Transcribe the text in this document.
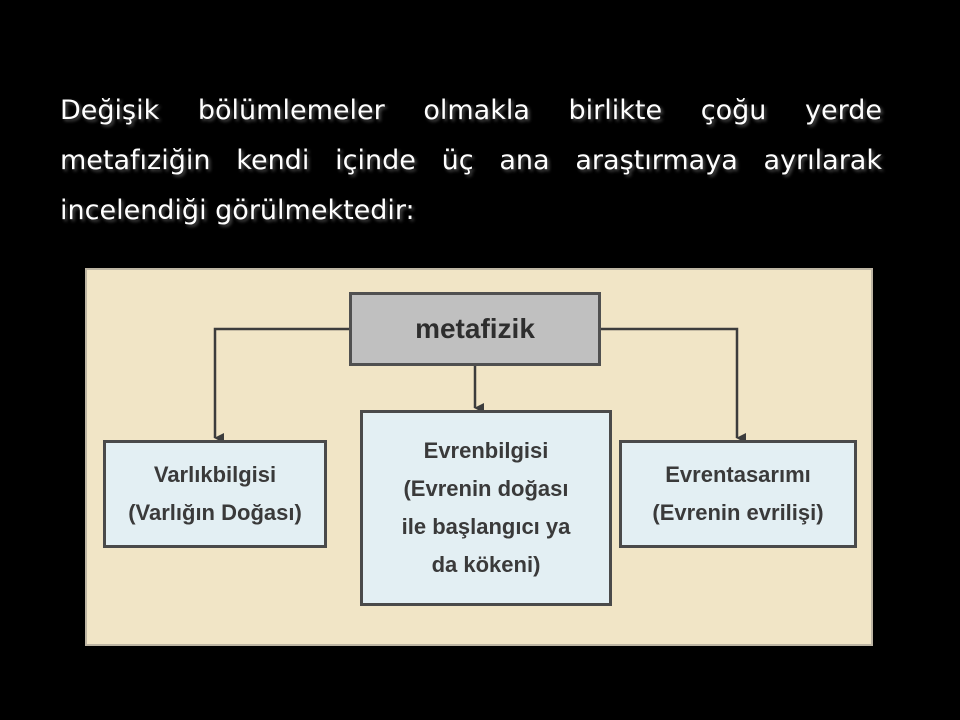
Değişik bölümlemeler olmakla birlikte çoğu yerde metafıziğin kendi içinde üç ana araştırmaya ayrılarak incelendiği görülmektedir:

metafizik
Varlıkbilgisi
(Varlığın Doğası)
Evrenbilgisi
(Evrenin doğası
ile başlangıcı ya
da kökeni)
Evrentasarımı
(Evrenin evrilişi)
